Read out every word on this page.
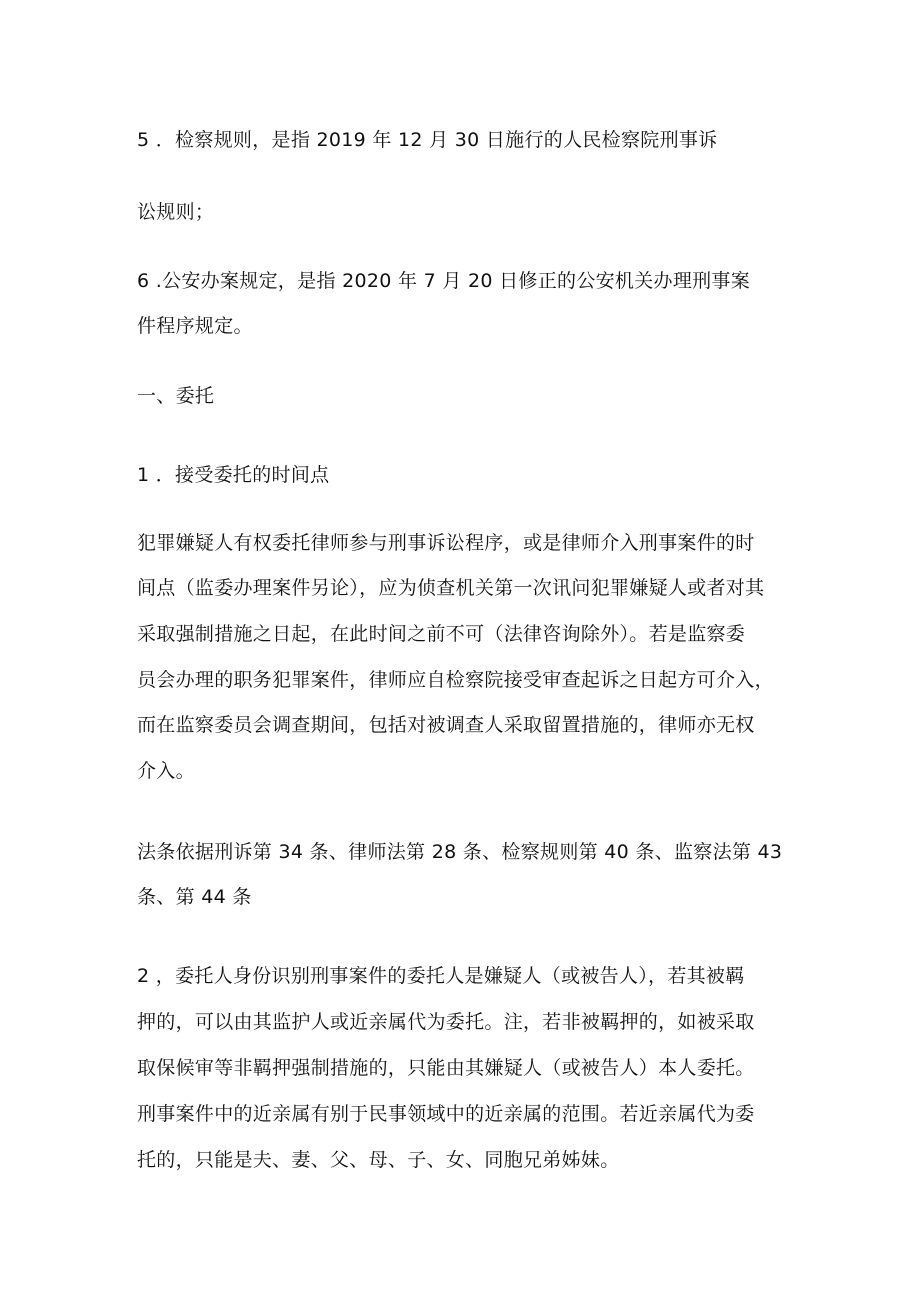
5 ．检察规则，是指 2019 年 12 月 30 日施行的人民检察院刑事诉
讼规则；
6 .公安办案规定，是指 2020 年 7 月 20 日修正的公安机关办理刑事案
件程序规定。
一、委托
1 ．接受委托的时间点
犯罪嫌疑人有权委托律师参与刑事诉讼程序，或是律师介入刑事案件的时
间点（监委办理案件另论），应为侦查机关第一次讯问犯罪嫌疑人或者对其
采取强制措施之日起，在此时间之前不可（法律咨询除外）。若是监察委
员会办理的职务犯罪案件，律师应自检察院接受审查起诉之日起方可介入，
而在监察委员会调查期间，包括对被调查人采取留置措施的，律师亦无权
介入。
法条依据刑诉第 34 条、律师法第 28 条、检察规则第 40 条、监察法第 43
条、第 44 条
2 ，委托人身份识别刑事案件的委托人是嫌疑人（或被告人），若其被羁
押的，可以由其监护人或近亲属代为委托。注，若非被羁押的，如被采取
取保候审等非羁押强制措施的，只能由其嫌疑人（或被告人）本人委托。
刑事案件中的近亲属有别于民事领域中的近亲属的范围。若近亲属代为委
托的，只能是夫、妻、父、母、子、女、同胞兄弟姊妹。
